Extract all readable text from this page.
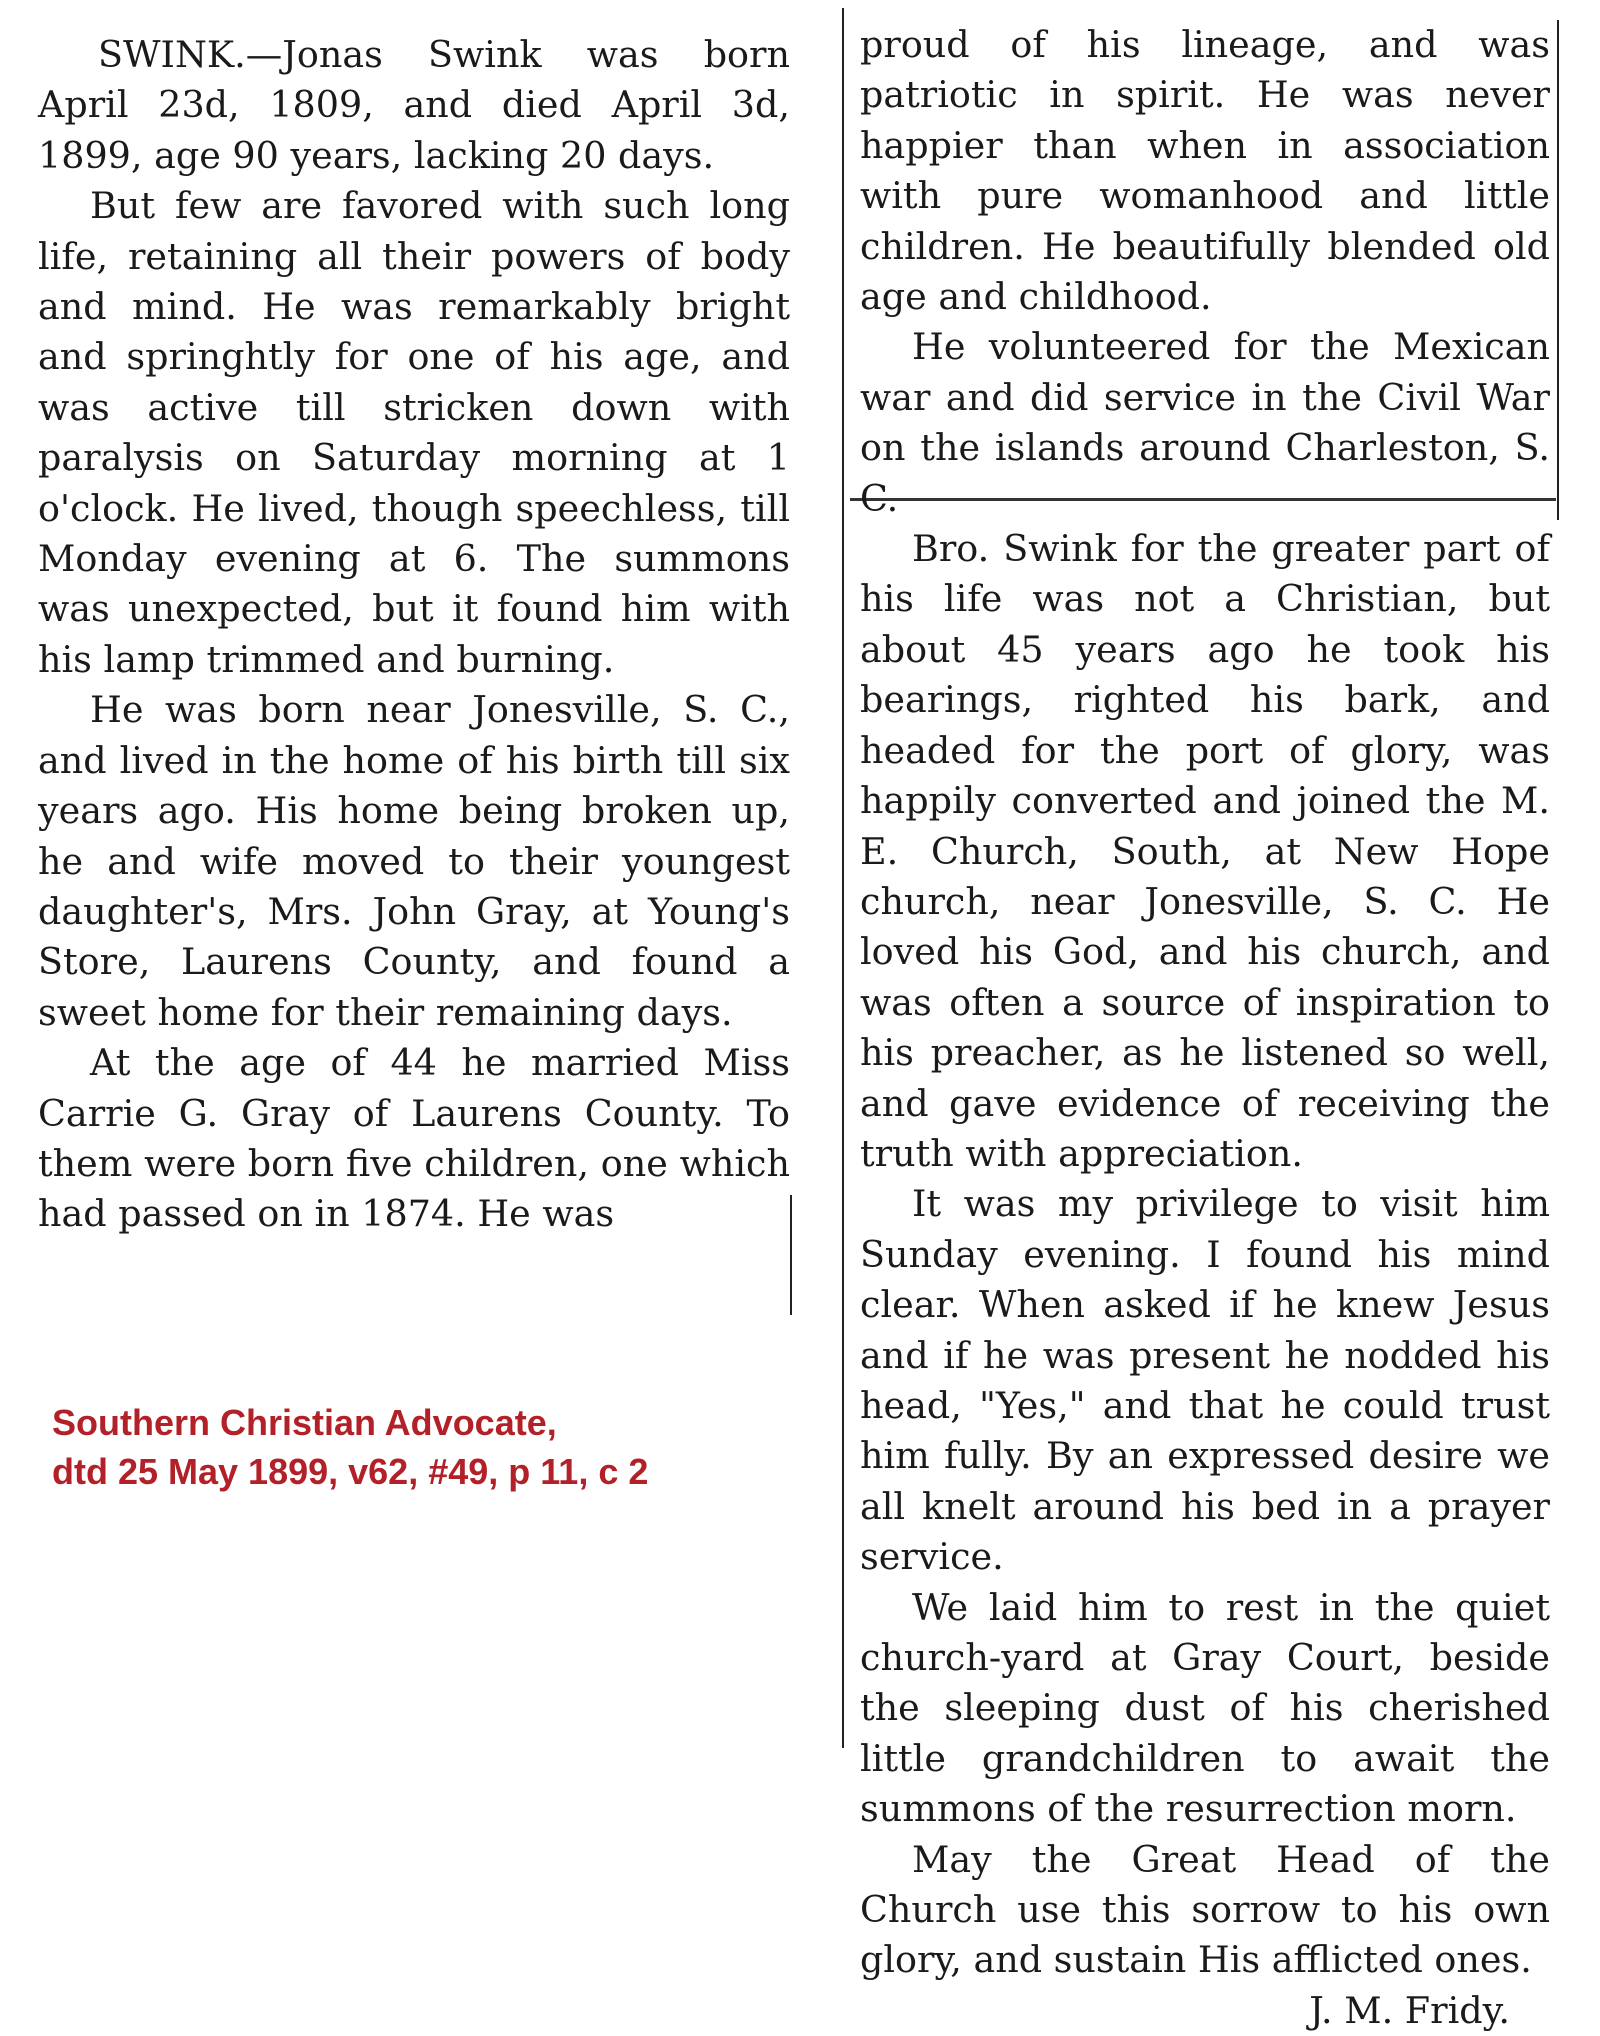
SWINK.—Jonas Swink was born April 23d, 1809, and died April 3d, 1899, age 90 years, lacking 20 days.

But few are favored with such long life, retaining all their powers of body and mind. He was remarkably bright and springhtly for one of his age, and was active till stricken down with paralysis on Saturday morning at 1 o'clock. He lived, though speechless, till Monday evening at 6. The summons was unexpected, but it found him with his lamp trimmed and burning.

He was born near Jonesville, S. C., and lived in the home of his birth till six years ago. His home being broken up, he and wife moved to their youngest daughter's, Mrs. John Gray, at Young's Store, Laurens County, and found a sweet home for their remaining days.

At the age of 44 he married Miss Carrie G. Gray of Laurens County. To them were born five children, one which had passed on in 1874. He was

proud of his lineage, and was patriotic in spirit. He was never happier than when in association with pure womanhood and little children. He beautifully blended old age and childhood.

He volunteered for the Mexican war and did service in the Civil War on the islands around Charleston, S. C.

Bro. Swink for the greater part of his life was not a Christian, but about 45 years ago he took his bearings, righted his bark, and headed for the port of glory, was happily converted and joined the M. E. Church, South, at New Hope church, near Jonesville, S. C. He loved his God, and his church, and was often a source of inspiration to his preacher, as he listened so well, and gave evidence of receiving the truth with appreciation.

It was my privilege to visit him Sunday evening. I found his mind clear. When asked if he knew Jesus and if he was present he nodded his head, "Yes," and that he could trust him fully. By an expressed desire we all knelt around his bed in a prayer service.

We laid him to rest in the quiet church-yard at Gray Court, beside the sleeping dust of his cherished little grandchildren to await the summons of the resurrection morn.

May the Great Head of the Church use this sorrow to his own glory, and sustain His afflicted ones.

J. M. Fridy.

Southern Christian Advocate,
dtd 25 May 1899, v62, #49, p 11, c 2
